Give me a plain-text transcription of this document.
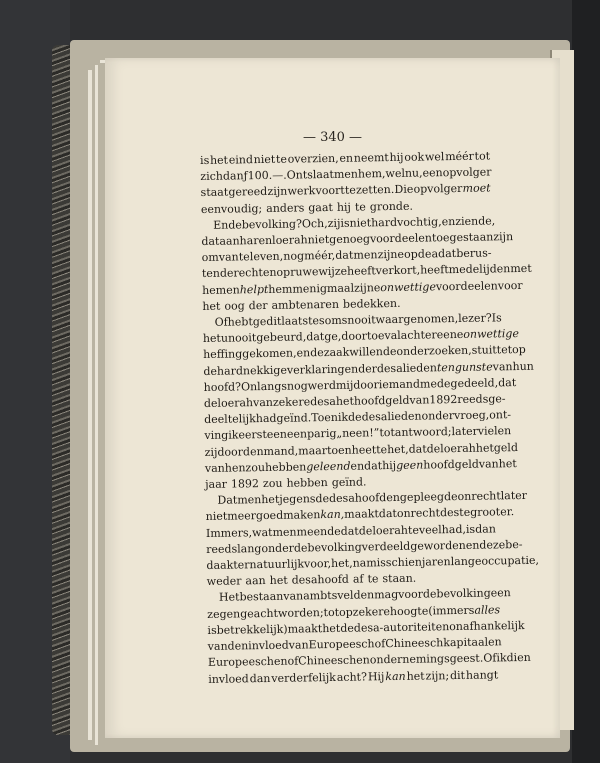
— 340 —
is het eind niet te overzien, en neemt hij ook wel méér tot
zich dan ƒ 100.—. Ontslaat men hem, welnu, een opvolger
staat gereed zijn werk voort te zetten. Die opvolger moet
eenvoudig; anders gaat hij te gronde.
En de bevolking? Och, zij is niet hardvochtig, en ziende,
dat aan haren loerah niet genoeg voordeelen toegestaan zijn
om van te leven, nog méér, dat men zijne op de adat berus-
tende rechten op ruwe wijze heeft verkort, heeft medelijden met
hem en helpt hem menigmaal zijne onwettige voordeelen voor
het oog der ambtenaren bedekken.
Of hebt ge dit laatste soms nooit waargenomen, lezer? Is
het u nooit gebeurd, dat ge, door toeval achter eene onwettige
heffing gekomen, en de zaak willende onderzoeken, stuittet op
de hardnekkige verklaringen der desalieden ten gunste van hun
hoofd? Onlangs nog werd mij door iemand medegedeeld, dat
de loerah van zekere desa het hoofdgeld van 1892 reeds ge-
deeltelijk had geïnd. Toen ik de desalieden ondervroeg, ont-
ving ik eerst een eenparig „neen!” tot antwoord; later vielen
zij door den mand, maar toen heette het, dat de loerah het geld
van hen zou hebben geleend en dat hij geen hoofdgeld van het
jaar 1892 zou hebben geïnd.
Dat men het jegens de desahoofden gepleegde onrecht later
niet meer goedmaken kan, maakt dat onrecht des te grooter.
Immers, wat men meende dat de loerah te veel had, is dan
reeds lang onder de bevolking verdeeld geworden en deze be-
daakt er natuurlijk voor, het, na misschien jarenlange occupatie,
weder aan het desahoofd af te staan.
Het bestaan van ambtsvelden mag voor de bevolking een
zegen geacht worden; tot op zekere hoogte (immers alles
is betrekkelijk) maakt het de desa-autoriteiten onafhankelijk
van den invloed van Europeesch of Chineesch kapitaal en
Europeeschen of Chineeschen ondernemingsgeest. Of ik dien
invloed dan verderfelijk acht? Hij kan het zijn; dit hangt
